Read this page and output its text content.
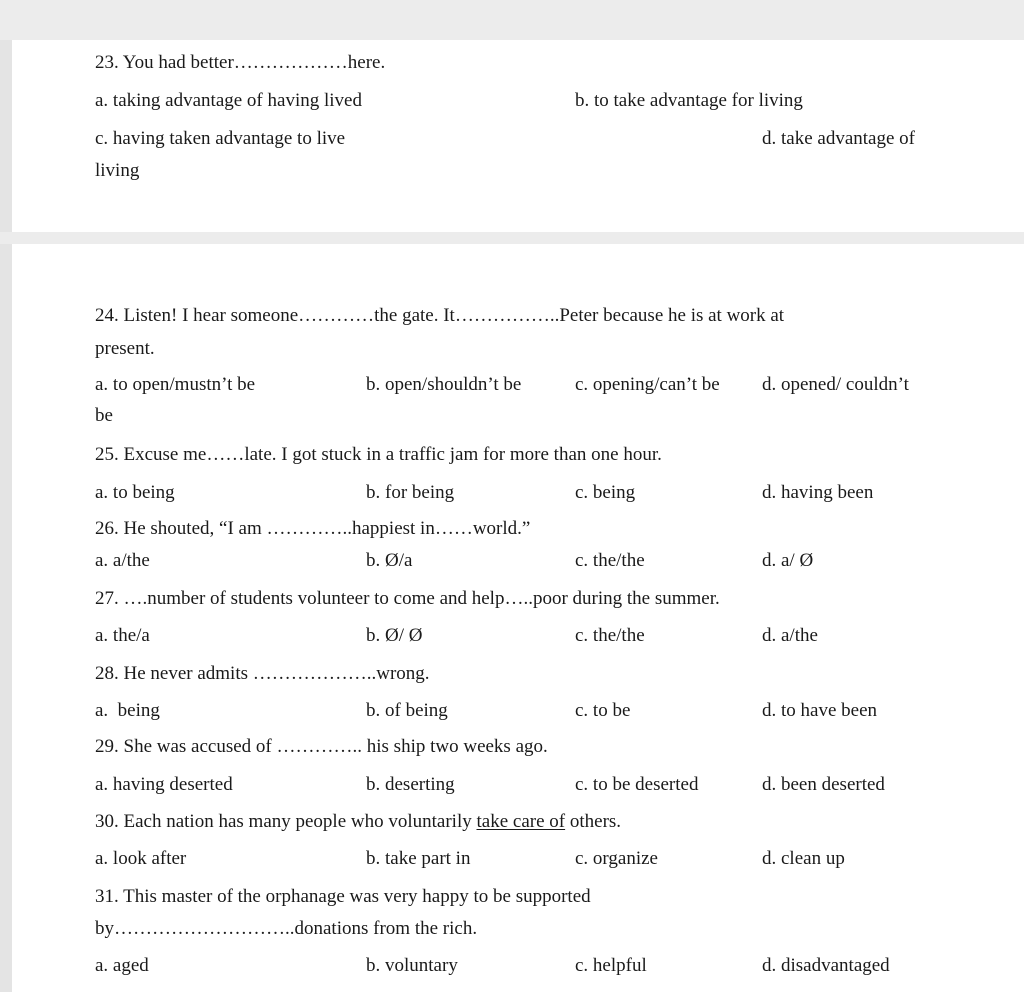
23. You had better………………here.
a. taking advantage of having lived	b. to take advantage for living
c. having taken advantage to live	d. take advantage of
living
24. Listen! I hear someone…………the gate. It……………..Peter because he is at work at
present.
a. to open/mustn’t be	b. open/shouldn’t be	c. opening/can’t be d. opened/ couldn’t
be
25. Excuse me……late. I got stuck in a traffic jam for more than one hour.
a. to being	b. for being	c. being	d. having been
26. He shouted, “I am …………..happiest in……world.”
a. a/the	b. Ø/a	c. the/the	d. a/ Ø
27. ….number of students volunteer to come and help…..poor during the summer.
a. the/a	b. Ø/ Ø	c. the/the	d. a/the
28. He never admits ………………..wrong.
a.  being	b. of being	c. to be	d. to have been
29. She was accused of ………….. his ship two weeks ago.
a. having deserted	b. deserting	c. to be deserted	d. been deserted
30. Each nation has many people who voluntarily take care of others.
a. look after	b. take part in	c. organize	d. clean up
31. This master of the orphanage was very happy to be supported
by………………………..donations from the rich.
a. aged	b. voluntary	c. helpful	d. disadvantaged
